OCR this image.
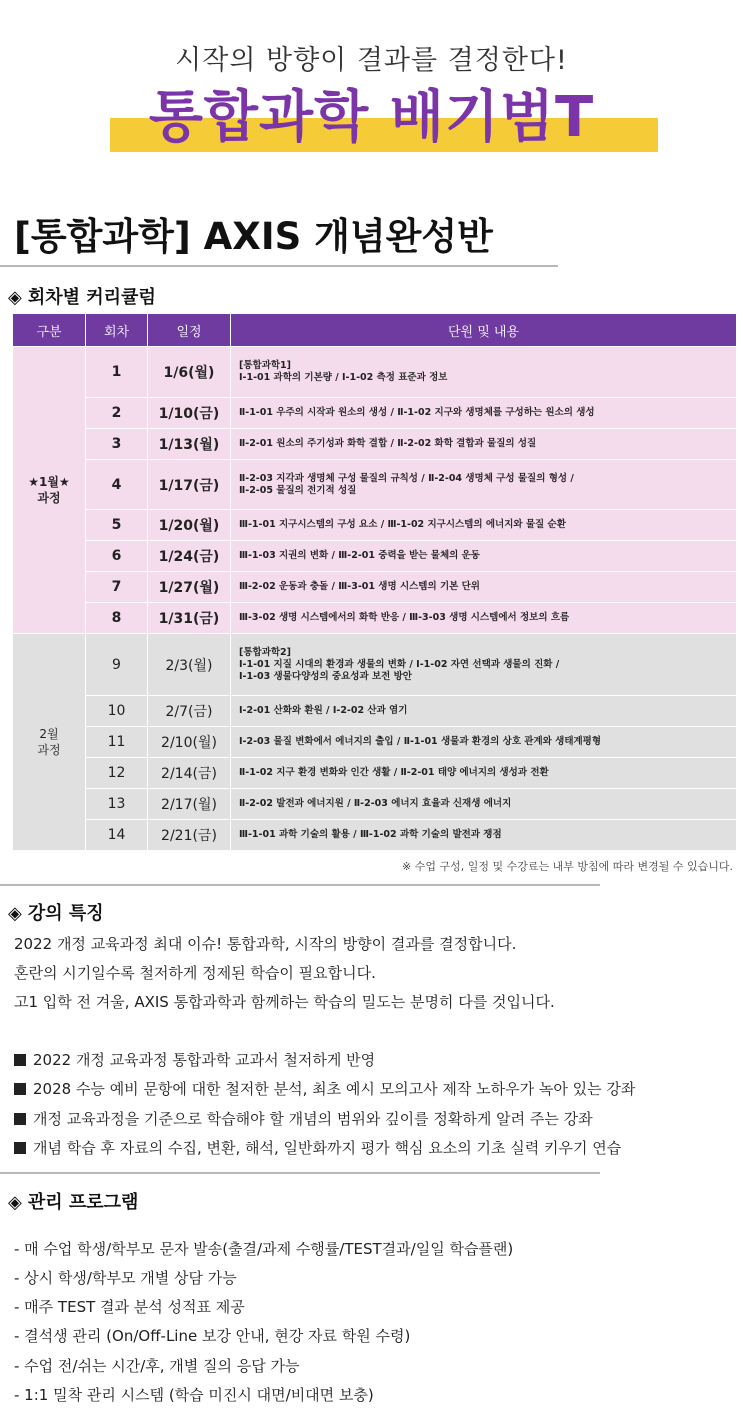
시작의 방향이 결과를 결정한다!
통합과학 배기범T
[통합과학] AXIS 개념완성반
◈ 회차별 커리큘럼
구분	회차	일정	단원 및 내용
★1월★
과정	1	1/6(월)	[통합과학1]
Ⅰ-1-01 과학의 기본량 / Ⅰ-1-02 측정 표준과 정보
	2	1/10(금)	Ⅱ-1-01 우주의 시작과 원소의 생성 / Ⅱ-1-02 지구와 생명체를 구성하는 원소의 생성
	3	1/13(월)	Ⅱ-2-01 원소의 주기성과 화학 결합 / Ⅱ-2-02 화학 결합과 물질의 성질
	4	1/17(금)	Ⅱ-2-03 지각과 생명체 구성 물질의 규칙성 / Ⅱ-2-04 생명체 구성 물질의 형성 /
Ⅱ-2-05 물질의 전기적 성질
	5	1/20(월)	Ⅲ-1-01 지구시스템의 구성 요소 / Ⅲ-1-02 지구시스템의 에너지와 물질 순환
	6	1/24(금)	Ⅲ-1-03 지권의 변화 / Ⅲ-2-01 중력을 받는 물체의 운동
	7	1/27(월)	Ⅲ-2-02 운동과 충돌 / Ⅲ-3-01 생명 시스템의 기본 단위
	8	1/31(금)	Ⅲ-3-02 생명 시스템에서의 화학 반응 / Ⅲ-3-03 생명 시스템에서 정보의 흐름
2월
과정	9	2/3(월)	[통합과학2]
Ⅰ-1-01 지질 시대의 환경과 생물의 변화 / Ⅰ-1-02 자연 선택과 생물의 진화 /
Ⅰ-1-03 생물다양성의 중요성과 보전 방안
	10	2/7(금)	Ⅰ-2-01 산화와 환원 / Ⅰ-2-02 산과 염기
	11	2/10(월)	Ⅰ-2-03 물질 변화에서 에너지의 출입 / Ⅱ-1-01 생물과 환경의 상호 관계와 생태계평형
	12	2/14(금)	Ⅱ-1-02 지구 환경 변화와 인간 생활 / Ⅱ-2-01 태양 에너지의 생성과 전환
	13	2/17(월)	Ⅱ-2-02 발전과 에너지원 / Ⅱ-2-03 에너지 효율과 신재생 에너지
	14	2/21(금)	Ⅲ-1-01 과학 기술의 활용 / Ⅲ-1-02 과학 기술의 발전과 쟁점
※ 수업 구성, 일정 및 수강료는 내부 방침에 따라 변경될 수 있습니다.
◈ 강의 특징
2022 개정 교육과정 최대 이슈! 통합과학, 시작의 방향이 결과를 결정합니다.
혼란의 시기일수록 철저하게 정제된 학습이 필요합니다.
고1 입학 전 겨울, AXIS 통합과학과 함께하는 학습의 밀도는 분명히 다를 것입니다.
2022 개정 교육과정 통합과학 교과서 철저하게 반영
2028 수능 예비 문항에 대한 철저한 분석, 최초 예시 모의고사 제작 노하우가 녹아 있는 강좌
개정 교육과정을 기준으로 학습해야 할 개념의 범위와 깊이를 정확하게 알려 주는 강좌
개념 학습 후 자료의 수집, 변환, 해석, 일반화까지 평가 핵심 요소의 기초 실력 키우기 연습
◈ 관리 프로그램
- 매 수업 학생/학부모 문자 발송(출결/과제 수행률/TEST결과/일일 학습플랜)
- 상시 학생/학부모 개별 상담 가능
- 매주 TEST 결과 분석 성적표 제공
- 결석생 관리 (On/Off-Line 보강 안내, 현강 자료 학원 수령)
- 수업 전/쉬는 시간/후, 개별 질의 응답 가능
- 1:1 밀착 관리 시스템 (학습 미진시 대면/비대면 보충)
